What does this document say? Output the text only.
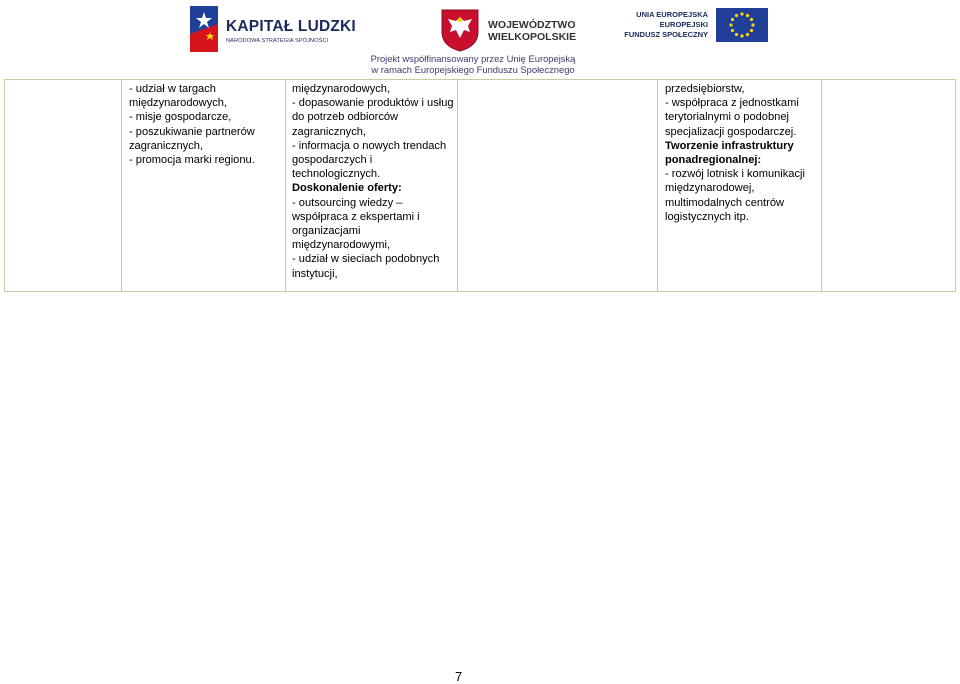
KAPITAŁ LUDZKI
NARODOWA STRATEGIA SPÓJNOŚCI
WOJEWÓDZTWO
WIELKOPOLSKIE
UNIA EUROPEJSKA
EUROPEJSKI
FUNDUSZ SPOŁECZNY
Projekt współfinansowany przez Unię Europejską
w ramach Europejskiego Funduszu Społecznego
- udział w targach
międzynarodowych,
- misje gospodarcze,
- poszukiwanie partnerów
zagranicznych,
- promocja marki regionu.
międzynarodowych,
- dopasowanie produktów i usług
do potrzeb odbiorców
zagranicznych,
- informacja o nowych trendach
gospodarczych i
technologicznych.
Doskonalenie oferty:
- outsourcing wiedzy –
współpraca z ekspertami i
organizacjami
międzynarodowymi,
- udział w sieciach podobnych
instytucji,
przedsiębiorstw,
- współpraca z jednostkami
terytorialnymi o podobnej
specjalizacji gospodarczej.
Tworzenie infrastruktury
ponadregionalnej:
- rozwój lotnisk i komunikacji
międzynarodowej,
multimodalnych centrów
logistycznych itp.
7
